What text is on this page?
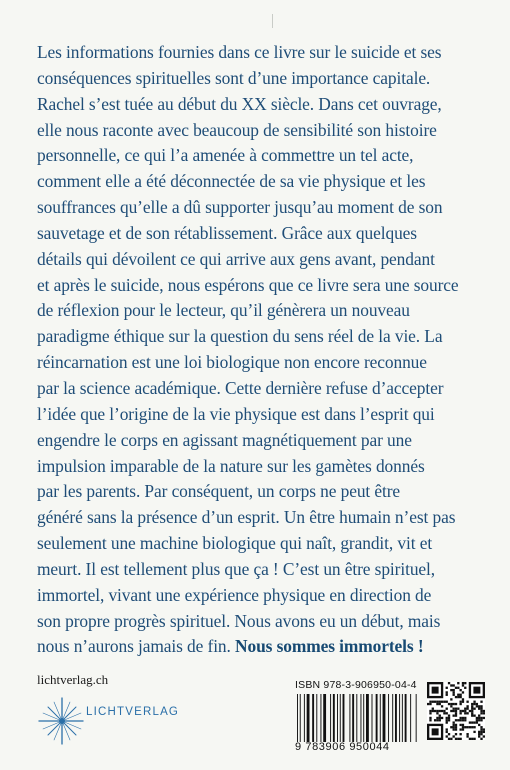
Les informations fournies dans ce livre sur le suicide et ses
conséquences spirituelles sont d’une importance capitale.
Rachel s’est tuée au début du XX siècle. Dans cet ouvrage,
elle nous raconte avec beaucoup de sensibilité son histoire
personnelle, ce qui l’a amenée à commettre un tel acte,
comment elle a été déconnectée de sa vie physique et les
souffrances qu’elle a dû supporter jusqu’au moment de son
sauvetage et de son rétablissement. Grâce aux quelques
détails qui dévoilent ce qui arrive aux gens avant, pendant
et après le suicide, nous espérons que ce livre sera une source
de réflexion pour le lecteur, qu’il génèrera un nouveau
paradigme éthique sur la question du sens réel de la vie. La
réincarnation est une loi biologique non encore reconnue
par la science académique. Cette dernière refuse d’accepter
l’idée que l’origine de la vie physique est dans l’esprit qui
engendre le corps en agissant magnétiquement par une
impulsion imparable de la nature sur les gamètes donnés
par les parents. Par conséquent, un corps ne peut être
généré sans la présence d’un esprit. Un être humain n’est pas
seulement une machine biologique qui naît, grandit, vit et
meurt. Il est tellement plus que ça ! C’est un être spirituel,
immortel, vivant une expérience physique en direction de
son propre progrès spirituel. Nous avons eu un début, mais
nous n’aurons jamais de fin. Nous sommes immortels !

lichtverlag.ch
LICHTVERLAG
ISBN 978-3-906950-04-4
9 783906 950044
